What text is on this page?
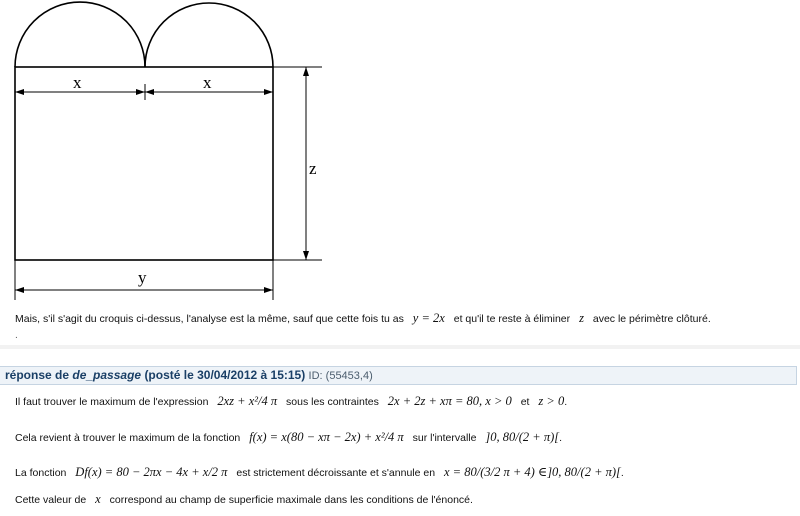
x	x
z
y
Mais, s'il s'agit du croquis ci-dessus, l'analyse est la même, sauf que cette fois tu as y = 2x et qu'il te reste à éliminer z avec le périmètre clôturé.
.
réponse de de_passage (posté le 30/04/2012 à 15:15) ID: (55453,4)
Il faut trouver le maximum de l'expression 2xz + x²/4 π sous les contraintes 2x + 2z + xπ = 80, x > 0 et z > 0.
Cela revient à trouver le maximum de la fonction f(x) = x(80 − xπ − 2x) + x²/4 π sur l'intervalle ]0, 80/(2 + π)[.
La fonction Df(x) = 80 − 2πx − 4x + x/2 π est strictement décroissante et s'annule en x = 80/(3/2 π + 4) ∈]0, 80/(2 + π)[.
Cette valeur de x correspond au champ de superficie maximale dans les conditions de l'énoncé.
